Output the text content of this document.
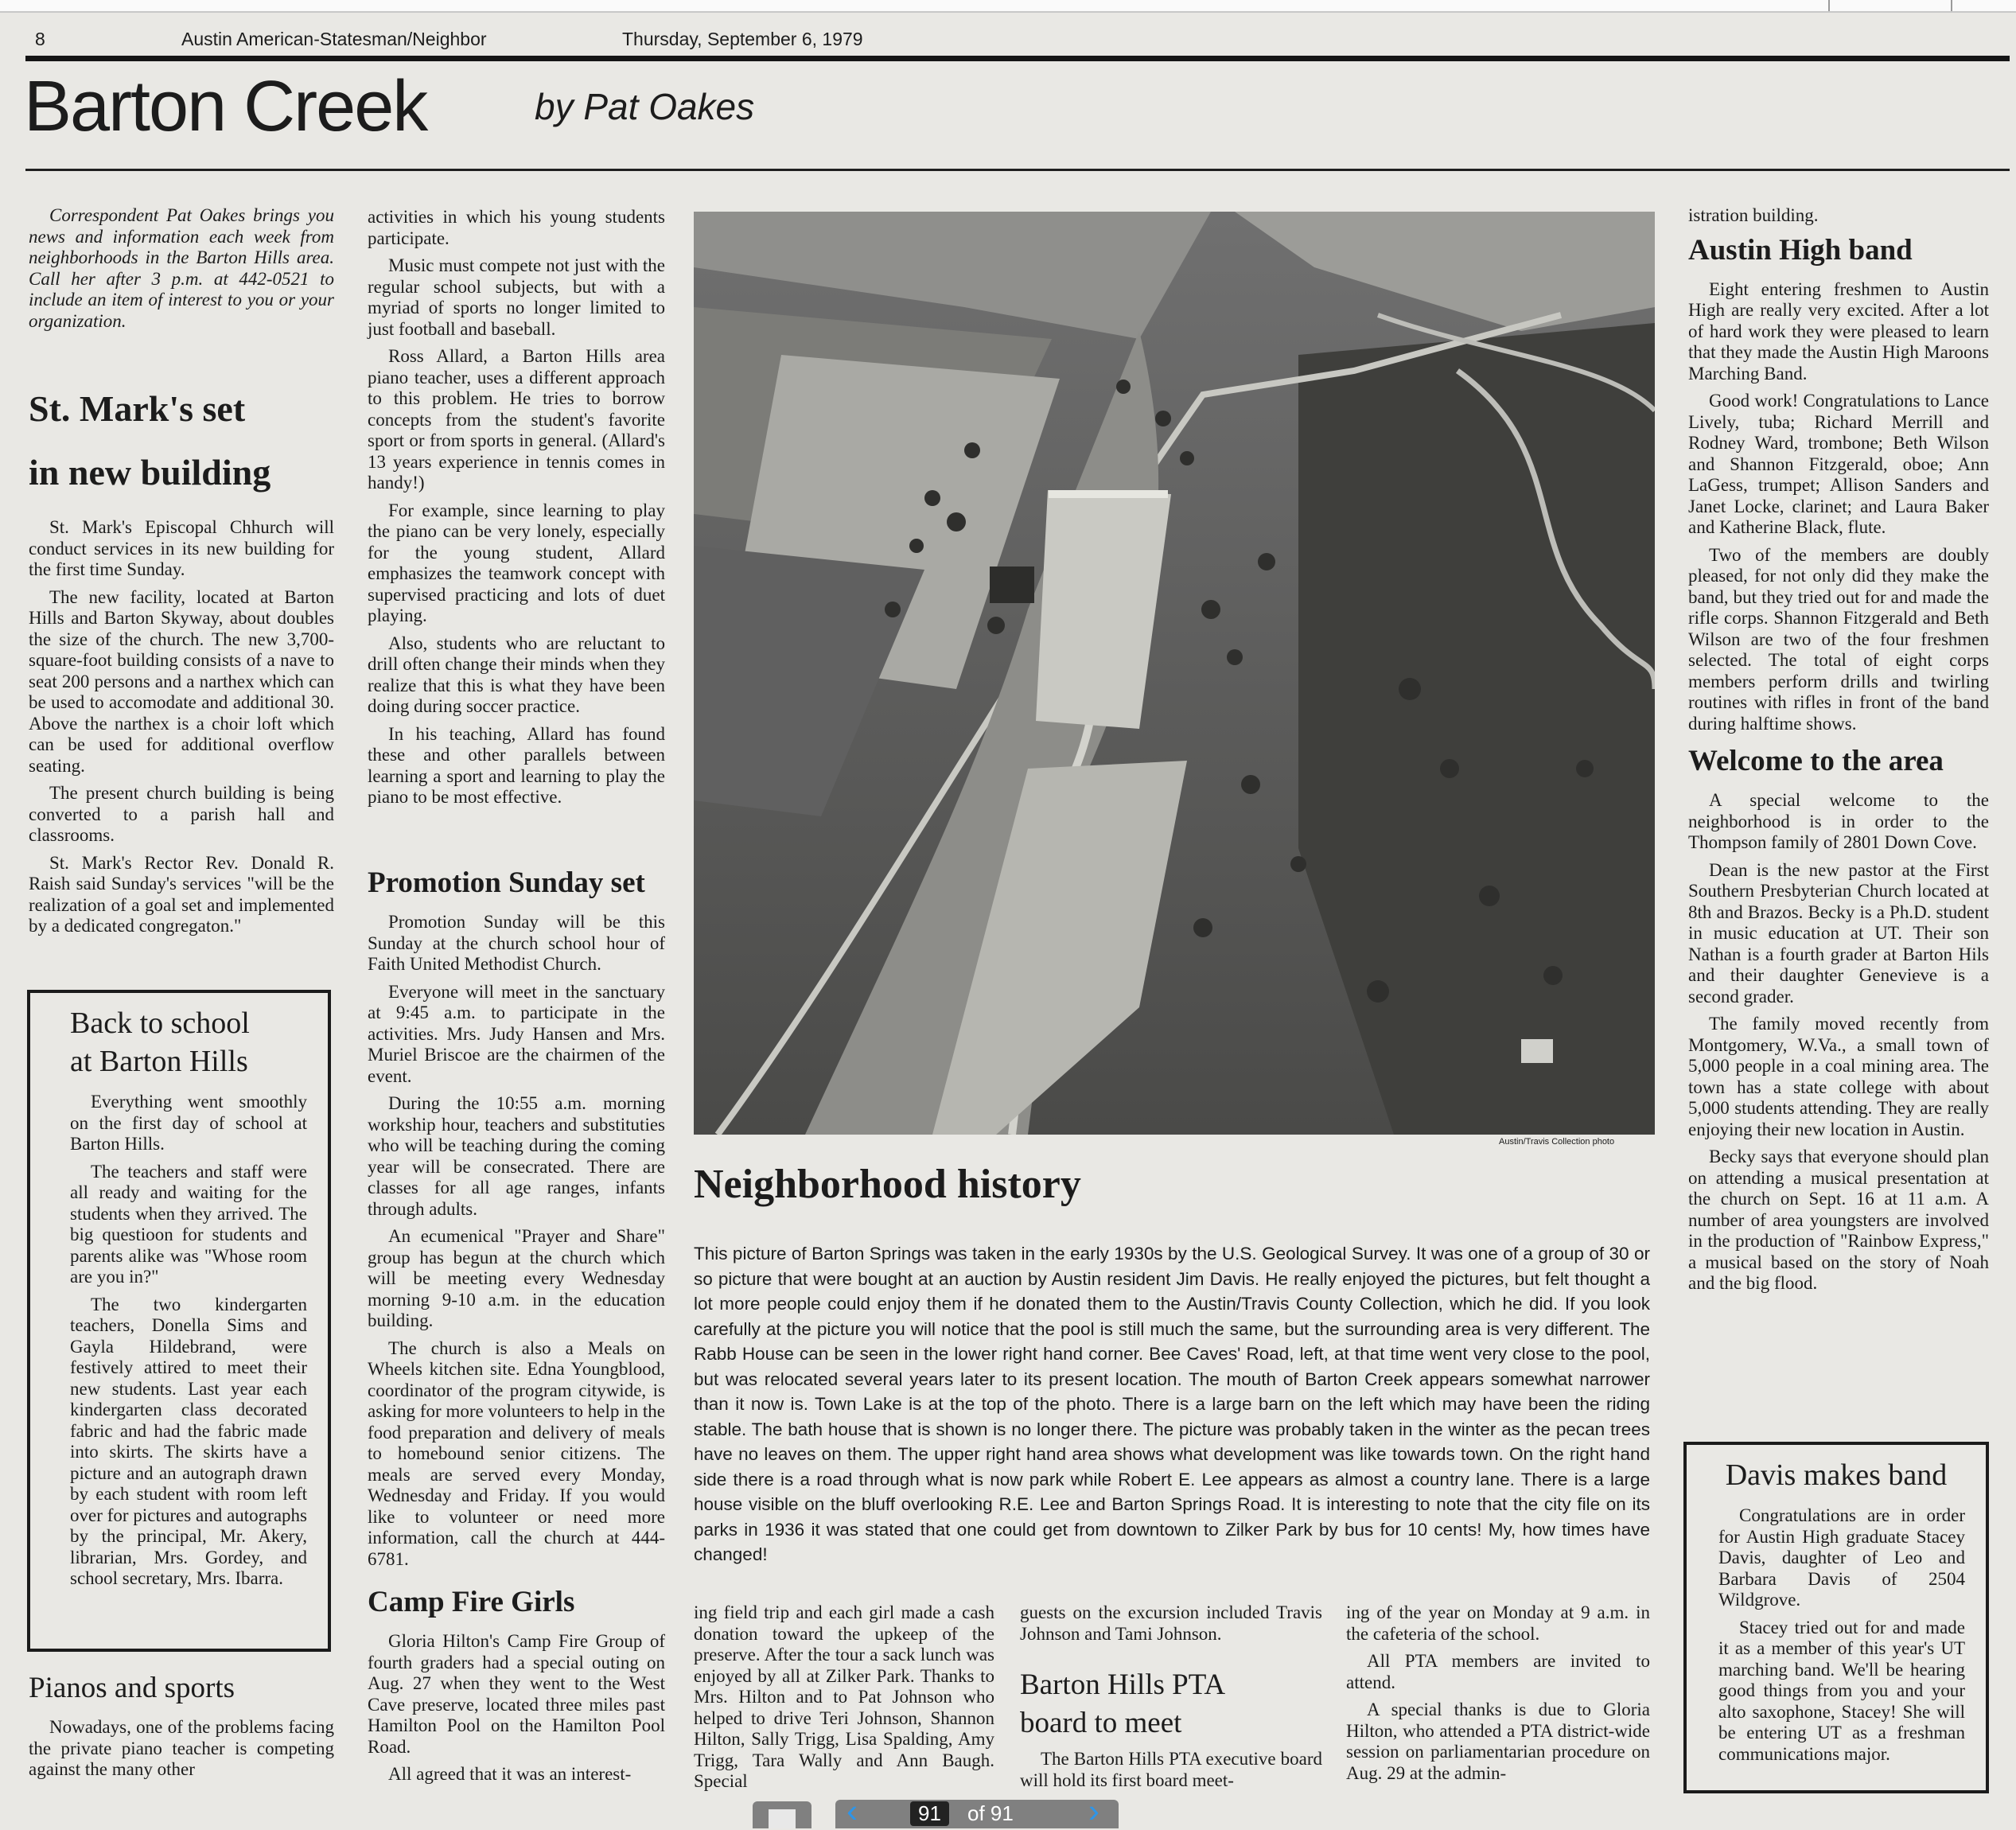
8	Austin American-Statesman/Neighbor	Thursday, September 6, 1979
Barton Creek	by Pat Oakes

Correspondent Pat Oakes brings you news and information each week from neighborhoods in the Barton Hills area. Call her after 3 p.m. at 442-0521 to include an item of interest to you or your organization.

St. Mark's set
in new building

St. Mark's Episcopal Chhurch will conduct services in its new building for the first time Sunday.

The new facility, located at Barton Hills and Barton Skyway, about doubles the size of the church. The new 3,700-square-foot building consists of a nave to seat 200 persons and a narthex which can be used to accomodate and additional 30. Above the narthex is a choir loft which can be used for additional overflow seating.

The present church building is being converted to a parish hall and classrooms.

St. Mark's Rector Rev. Donald R. Raish said Sunday's services "will be the realization of a goal set and implemented by a dedicated congregaton."

Back to school
at Barton Hills

Everything went smoothly on the first day of school at Barton Hills.

The teachers and staff were all ready and waiting for the students when they arrived. The big questioon for students and parents alike was "Whose room are you in?"

The two kindergarten teachers, Donella Sims and Gayla Hildebrand, were festively attired to meet their new students. Last year each kindergarten class decorated fabric and had the fabric made into skirts. The skirts have a picture and an autograph drawn by each student with room left over for pictures and autographs by the principal, Mr. Akery, librarian, Mrs. Gordey, and school secretary, Mrs. Ibarra.

Pianos and sports

Nowadays, one of the problems facing the private piano teacher is competing against the many other

activities in which his young students participate.

Music must compete not just with the regular school subjects, but with a myriad of sports no longer limited to just football and baseball.

Ross Allard, a Barton Hills area piano teacher, uses a different approach to this problem. He tries to borrow concepts from the student's favorite sport or from sports in general. (Allard's 13 years experience in tennis comes in handy!)

For example, since learning to play the piano can be very lonely, especially for the young student, Allard emphasizes the teamwork concept with supervised practicing and lots of duet playing.

Also, students who are reluctant to drill often change their minds when they realize that this is what they have been doing during soccer practice.

In his teaching, Allard has found these and other parallels between learning a sport and learning to play the piano to be most effective.

Promotion Sunday set

Promotion Sunday will be this Sunday at the church school hour of Faith United Methodist Church.

Everyone will meet in the sanctuary at 9:45 a.m. to participate in the activities. Mrs. Judy Hansen and Mrs. Muriel Briscoe are the chairmen of the event.

During the 10:55 a.m. morning workship hour, teachers and substituties who will be teaching during the coming year will be consecrated. There are classes for all age ranges, infants through adults.

An ecumenical "Prayer and Share" group has begun at the church which will be meeting every Wednesday morning 9-10 a.m. in the education building.

The church is also a Meals on Wheels kitchen site. Edna Youngblood, coordinator of the program citywide, is asking for more volunteers to help in the food preparation and delivery of meals to homebound senior citizens. The meals are served every Monday, Wednesday and Friday. If you would like to volunteer or need more information, call the church at 444-6781.

Camp Fire Girls

Gloria Hilton's Camp Fire Group of fourth graders had a special outing on Aug. 27 when they went to the West Cave preserve, located three miles past Hamilton Pool on the Hamilton Pool Road.

All agreed that it was an interest-

Austin/Travis Collection photo
Neighborhood history
This picture of Barton Springs was taken in the early 1930s by the U.S. Geological Survey. It was one of a group of 30 or so picture that were bought at an auction by Austin resident Jim Davis. He really enjoyed the pictures, but felt thought a lot more people could enjoy them if he donated them to the Austin/Travis County Collection, which he did. If you look carefully at the picture you will notice that the pool is still much the same, but the surrounding area is very different. The Rabb House can be seen in the lower right hand corner. Bee Caves' Road, left, at that time went very close to the pool, but was relocated several years later to its present location. The mouth of Barton Creek appears somewhat narrower than it now is. Town Lake is at the top of the photo. There is a large barn on the left which may have been the riding stable. The bath house that is shown is no longer there. The picture was probably taken in the winter as the pecan trees have no leaves on them. The upper right hand area shows what development was like towards town. On the right hand side there is a road through what is now park while Robert E. Lee appears as almost a country lane. There is a large house visible on the bluff overlooking R.E. Lee and Barton Springs Road. It is interesting to note that the city file on its parks in 1936 it was stated that one could get from downtown to Zilker Park by bus for 10 cents! My, how times have changed!

ing field trip and each girl made a cash donation toward the upkeep of the preserve. After the tour a sack lunch was enjoyed by all at Zilker Park. Thanks to Mrs. Hilton and to Pat Johnson who helped to drive Teri Johnson, Shannon Hilton, Sally Trigg, Lisa Spalding, Amy Trigg, Tara Wally and Ann Baugh. Special

guests on the excursion included Travis Johnson and Tami Johnson.

Barton Hills PTA
board to meet

The Barton Hills PTA executive board will hold its first board meet-

ing of the year on Monday at 9 a.m. in the cafeteria of the school.

All PTA members are invited to attend.

A special thanks is due to Gloria Hilton, who attended a PTA district-wide session on parliamentarian procedure on Aug. 29 at the admin-

istration building.

Austin High band

Eight entering freshmen to Austin High are really very excited. After a lot of hard work they were pleased to learn that they made the Austin High Maroons Marching Band.

Good work! Congratulations to Lance Lively, tuba; Richard Merrill and Rodney Ward, trombone; Beth Wilson and Shannon Fitzgerald, oboe; Ann LaGess, trumpet; Allison Sanders and Janet Locke, clarinet; and Laura Baker and Katherine Black, flute.

Two of the members are doubly pleased, for not only did they make the band, but they tried out for and made the rifle corps. Shannon Fitzgerald and Beth Wilson are two of the four freshmen selected. The total of eight corps members perform drills and twirling routines with rifles in front of the band during halftime shows.

Welcome to the area

A special welcome to the neighborhood is in order to the Thompson family of 2801 Down Cove.

Dean is the new pastor at the First Southern Presbyterian Church located at 8th and Brazos. Becky is a Ph.D. student in music education at UT. Their son Nathan is a fourth grader at Barton Hils and their daughter Genevieve is a second grader.

The family moved recently from Montgomery, W.Va., a small town of 5,000 people in a coal mining area. The town has a state college with about 5,000 students attending. They are really enjoying their new location in Austin.

Becky says that everyone should plan on attending a musical presentation at the church on Sept. 16 at 11 a.m. A number of area youngsters are involved in the production of "Rainbow Express," a musical based on the story of Noah and the big flood.

Davis makes band

Congratulations are in order for Austin High graduate Stacey Davis, daughter of Leo and Barbara Davis of 2504 Wildgrove.

Stacey tried out for and made it as a member of this year's UT marching band. We'll be hearing good things from you and your alto saxophone, Stacey! She will be entering UT as a freshman communications major.

‹	91	of 91 ›
